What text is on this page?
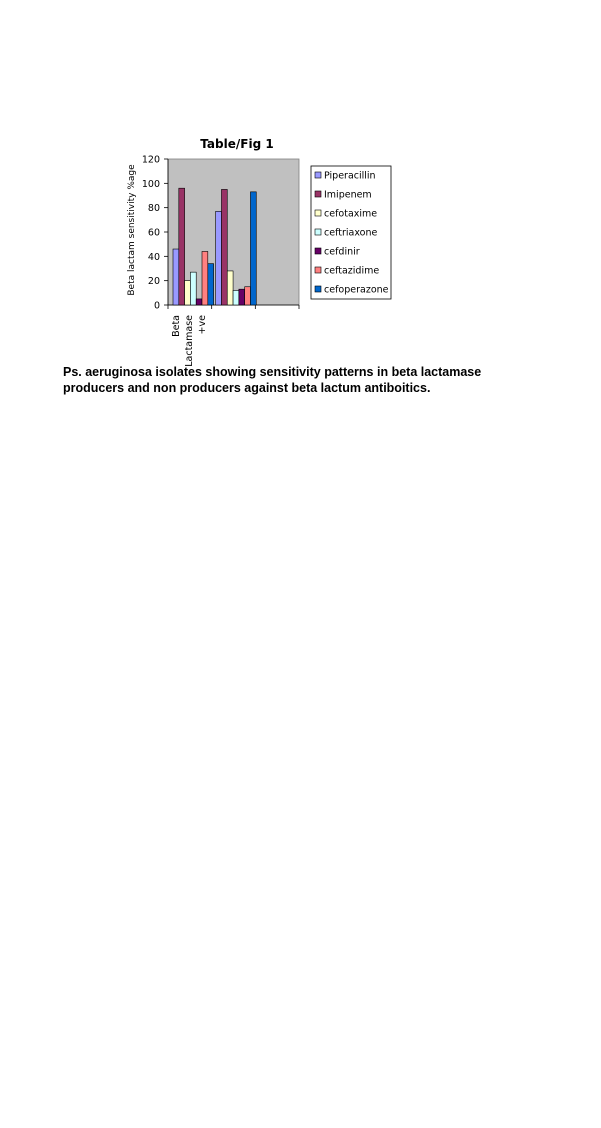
Table/Fig 1
Beta lactam sensitivity %age
Beta Lactamase +ve
0
20
40
60
80
100
120
Piperacillin
Imipenem
cefotaxime
ceftriaxone
cefdinir
ceftazidime
cefoperazone
Ps. aeruginosa isolates showing sensitivity patterns in beta lactamase producers and non producers against beta lactum antiboitics.
